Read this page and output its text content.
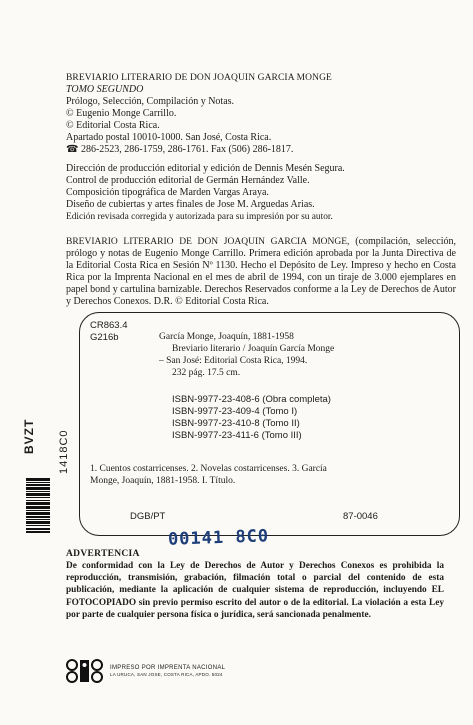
BREVIARIO LITERARIO DE DON JOAQUIN GARCIA MONGE
TOMO SEGUNDO
Prólogo, Selección, Compilación y Notas.
© Eugenio Monge Carrillo.
© Editorial Costa Rica.
Apartado postal 10010-1000. San José, Costa Rica.
☎ 286-2523, 286-1759, 286-1761. Fax (506) 286-1817.
Dirección de producción editorial y edición de Dennis Mesén Segura.
Control de producción editorial de Germán Hernández Valle.
Composición tipográfica de Marden Vargas Araya.
Diseño de cubiertas y artes finales de Jose M. Arguedas Arias.
Edición revisada corregida y autorizada para su impresión por su autor.
BREVIARIO LITERARIO DE DON JOAQUIN GARCIA MONGE, (compilación, selección, prólogo y notas de Eugenio Monge Carrillo. Primera edición aprobada por la Junta Directiva de la Editorial Costa Rica en Sesión Nº 1130. Hecho el Depósito de Ley. Impreso y hecho en Costa Rica por la Imprenta Nacional en el mes de abril de 1994, con un tiraje de 3.000 ejemplares en papel bond y cartulina barnizable. Derechos Reservados conforme a la Ley de Derechos de Autor y Derechos Conexos. D.R. © Editorial Costa Rica.
CR863.4
G216b	García Monge, Joaquín, 1881-1958
Breviario literario / Joaquín García Monge
– San José: Editorial Costa Rica, 1994.
232 pág. 17.5 cm.
ISBN-9977-23-408-6 (Obra completa)
ISBN-9977-23-409-4 (Tomo I)
ISBN-9977-23-410-8 (Tomo II)
ISBN-9977-23-411-6 (Tomo III)
1. Cuentos costarricenses. 2. Novelas costarricenses. 3. García
Monge, Joaquín, 1881-1958. I. Título.
DGB/PT	87-0046
BVZT 1418C0
00141 8C0
ADVERTENCIA
De conformidad con la Ley de Derechos de Autor y Derechos Conexos es prohibida la reproducción, transmisión, grabación, filmación total o parcial del contenido de esta publicación, mediante la aplicación de cualquier sistema de reproducción, incluyendo EL FOTOCOPIADO sin previo permiso escrito del autor o de la editorial. La violación a esta Ley por parte de cualquier persona física o jurídica, será sancionada penalmente.
IMPRESO POR IMPRENTA NACIONAL
LA URUCA, SAN JOSE, COSTA RICA, APDO. 5024
